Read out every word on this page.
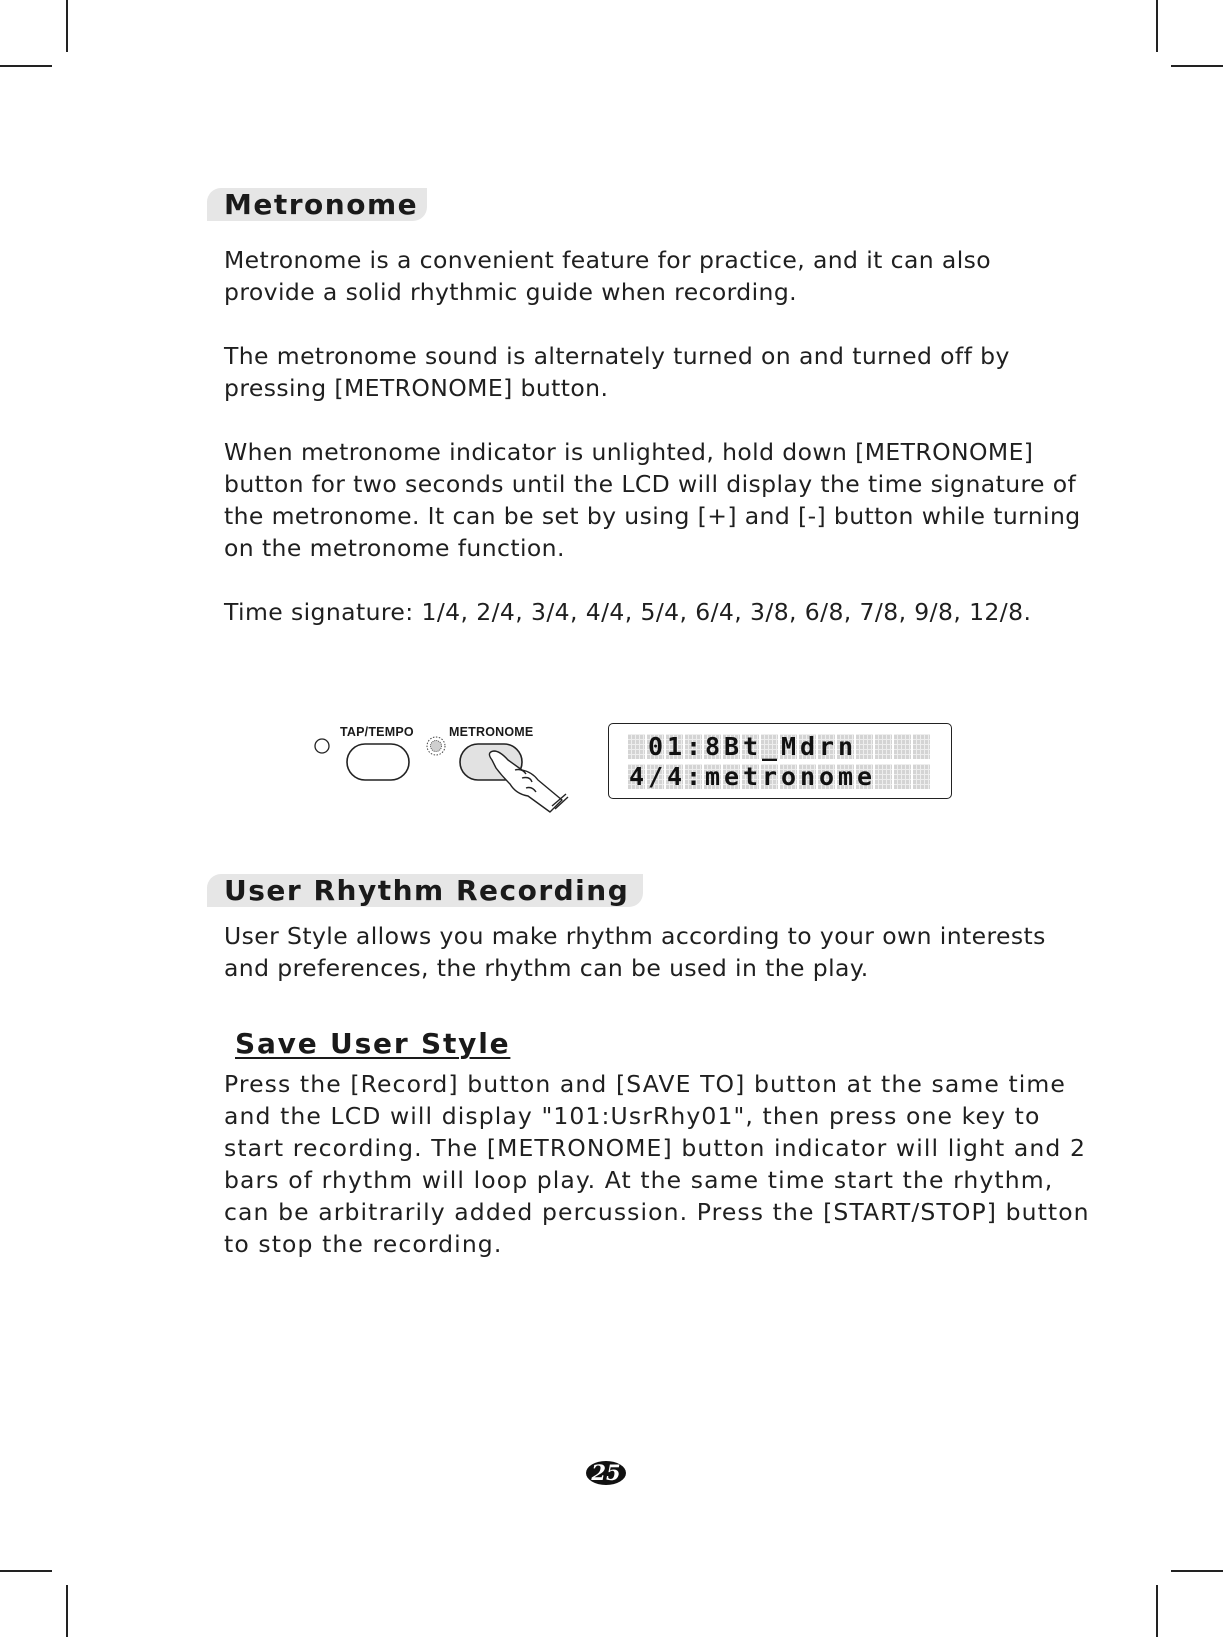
Metronome

Metronome is a convenient feature for practice, and it can also provide a solid rhythmic guide when recording.

The metronome sound is alternately turned on and turned off by pressing [METRONOME] button.

When metronome indicator is unlighted, hold down [METRONOME] button for two seconds until the LCD will display the time signature of the metronome. It can be set by using [+] and [-] button while turning on the metronome function.

Time signature: 1/4, 2/4, 3/4, 4/4, 5/4, 6/4, 3/8, 6/8, 7/8, 9/8, 12/8.

TAP/TEMPO	METRONOME	0 1 : 8 B t _ M d r n
4 / 4 : m e t r o n o m e
User Rhythm Recording

User Style allows you make rhythm according to your own interests and preferences, the rhythm can be used in the play.

Save User Style

Press the [Record] button and [SAVE TO] button at the same time and the LCD will display "101:UsrRhy01", then press one key to start recording. The [METRONOME] button indicator will light and 2 bars of rhythm will loop play. At the same time start the rhythm, can be arbitrarily added percussion. Press the [START/STOP] button to stop the recording.

25
